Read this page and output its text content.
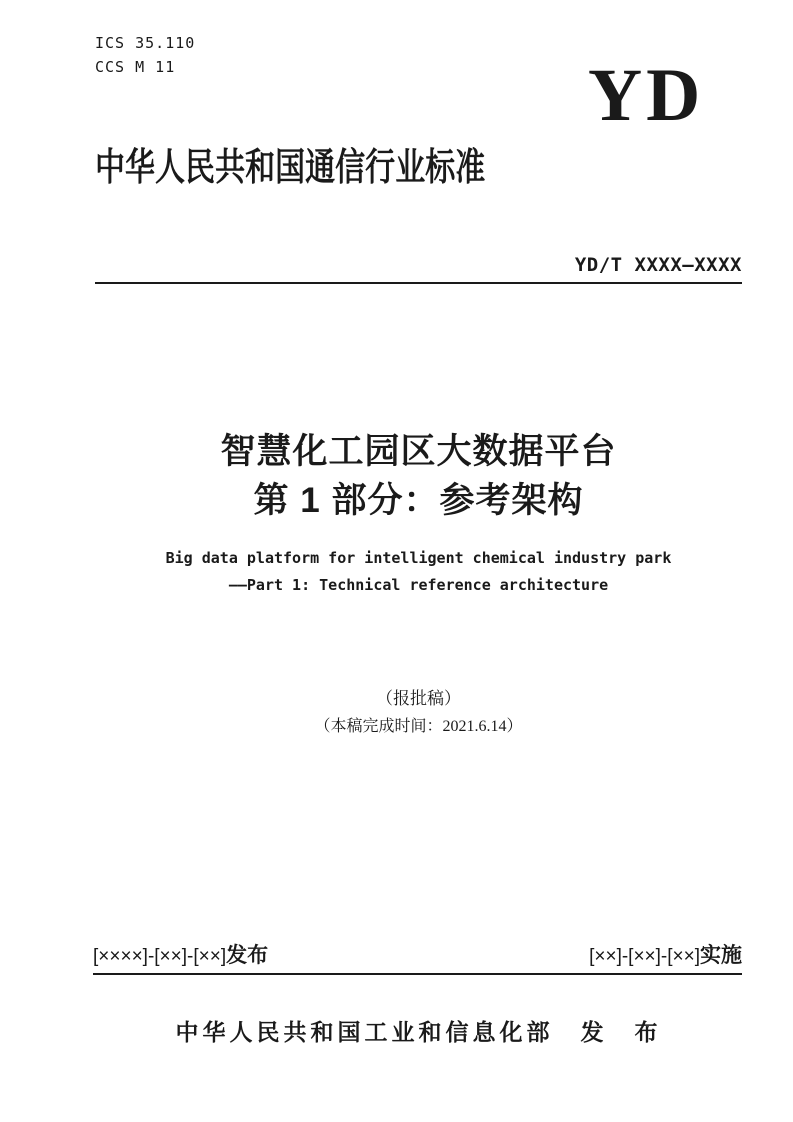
ICS 35.110
CCS M 11	YD
中华人民共和国通信行业标准
YD/T XXXX—XXXX
智慧化工园区大数据平台
第 1 部分：参考架构
Big data platform for intelligent chemical industry park
——Part 1: Technical reference architecture
（报批稿）
（本稿完成时间：2021.6.14）
[××××]-[××]-[××]发布	[××]-[××]-[××]实施
中华人民共和国工业和信息化部　发　布
